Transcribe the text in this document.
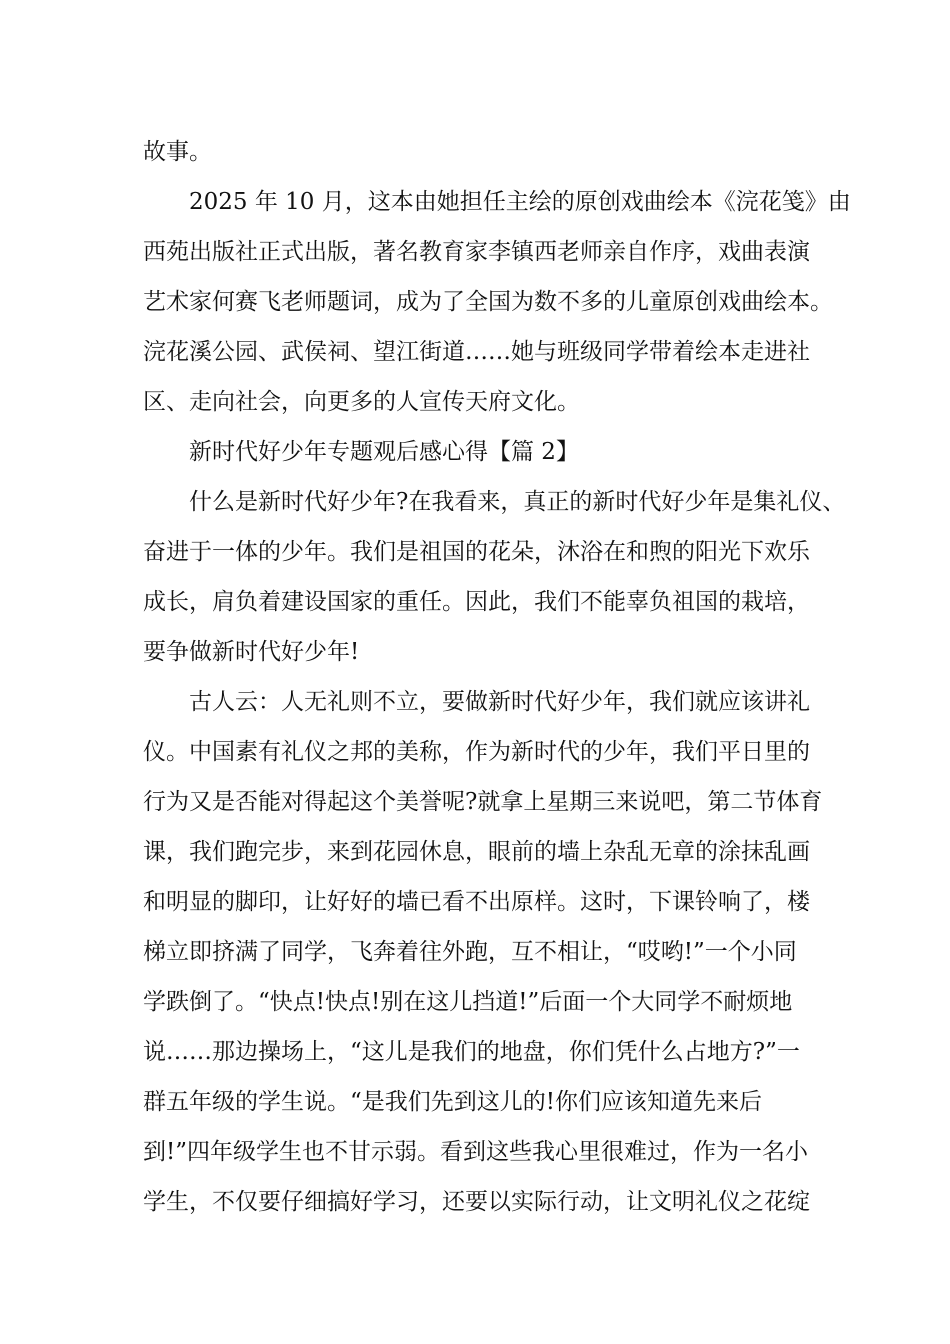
故事。
　　2025 年 10 月，这本由她担任主绘的原创戏曲绘本《浣花笺》由
西苑出版社正式出版，著名教育家李镇西老师亲自作序，戏曲表演
艺术家何赛飞老师题词，成为了全国为数不多的儿童原创戏曲绘本。
浣花溪公园、武侯祠、望江街道……她与班级同学带着绘本走进社
区、走向社会，向更多的人宣传天府文化。
　　新时代好少年专题观后感心得【篇 2】
　　什么是新时代好少年?在我看来，真正的新时代好少年是集礼仪、
奋进于一体的少年。我们是祖国的花朵，沐浴在和煦的阳光下欢乐
成长，肩负着建设国家的重任。因此，我们不能辜负祖国的栽培，
要争做新时代好少年!
　　古人云：人无礼则不立，要做新时代好少年，我们就应该讲礼
仪。中国素有礼仪之邦的美称，作为新时代的少年，我们平日里的
行为又是否能对得起这个美誉呢?就拿上星期三来说吧，第二节体育
课，我们跑完步，来到花园休息，眼前的墙上杂乱无章的涂抹乱画
和明显的脚印，让好好的墙已看不出原样。这时，下课铃响了，楼
梯立即挤满了同学，飞奔着往外跑，互不相让，“哎哟!”一个小同
学跌倒了。“快点!快点!别在这儿挡道!”后面一个大同学不耐烦地
说……那边操场上，“这儿是我们的地盘，你们凭什么占地方?”一
群五年级的学生说。“是我们先到这儿的!你们应该知道先来后
到!”四年级学生也不甘示弱。看到这些我心里很难过，作为一名小
学生，不仅要仔细搞好学习，还要以实际行动，让文明礼仪之花绽
